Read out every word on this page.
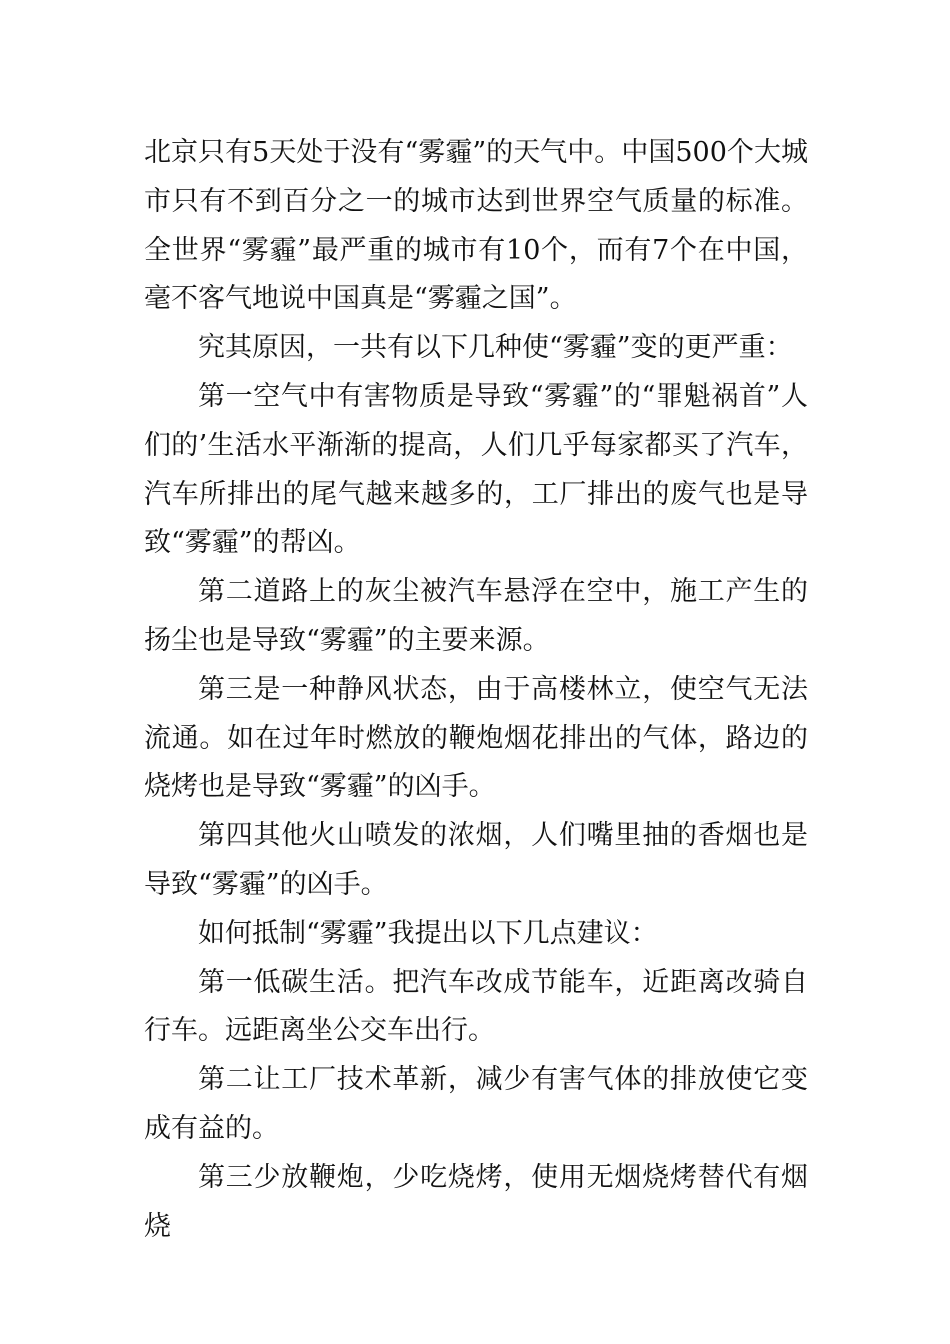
北京只有5天处于没有“雾霾”的天气中。中国500个大城市只有不到百分之一的城市达到世界空气质量的标准。全世界“雾霾”最严重的城市有10个，而有7个在中国，毫不客气地说中国真是“雾霾之国”。

究其原因，一共有以下几种使“雾霾”变的更严重：

第一空气中有害物质是导致“雾霾”的“罪魁祸首”人们的’生活水平渐渐的提高，人们几乎每家都买了汽车，汽车所排出的尾气越来越多的，工厂排出的废气也是导致“雾霾”的帮凶。

第二道路上的灰尘被汽车悬浮在空中，施工产生的扬尘也是导致“雾霾”的主要来源。

第三是一种静风状态，由于高楼林立，使空气无法流通。如在过年时燃放的鞭炮烟花排出的气体，路边的烧烤也是导致“雾霾”的凶手。

第四其他火山喷发的浓烟，人们嘴里抽的香烟也是导致“雾霾”的凶手。

如何抵制“雾霾”我提出以下几点建议：

第一低碳生活。把汽车改成节能车，近距离改骑自行车。远距离坐公交车出行。

第二让工厂技术革新，减少有害气体的排放使它变成有益的。

第三少放鞭炮，少吃烧烤，使用无烟烧烤替代有烟烧
